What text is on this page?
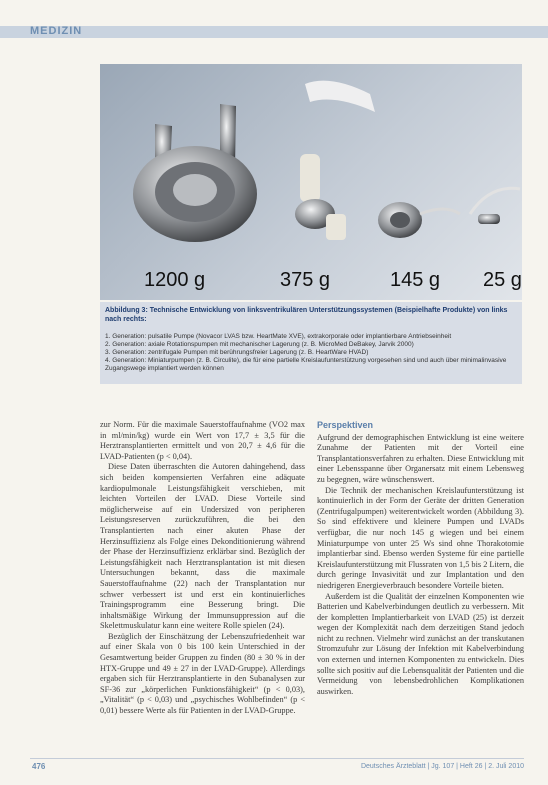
MEDIZIN
1200 g	375 g	145 g 25 g
Abbildung 3: Technische Entwicklung von linksventrikulären Unterstützungssystemen (Beispielhafte Produkte) von links nach rechts:
1. Generation: pulsatile Pumpe (Novacor LVAS bzw. HeartMate XVE), extrakorporale oder implantierbare Antriebseinheit
2. Generation: axiale Rotationspumpen mit mechanischer Lagerung (z. B. MicroMed DeBakey, Jarvik 2000)
3. Generation: zentrifugale Pumpen mit berührungsfreier Lagerung (z. B. HeartWare HVAD)
4. Generation: Miniaturpumpen (z. B. Circulite), die für eine partielle Kreislaufunterstützung vorgesehen sind und auch über minimalinvasive Zugangswege implantiert werden können

zur Norm. Für die maximale Sauerstoffaufnahme (VO2 max in ml/min/kg) wurde ein Wert von 17,7 ± 3,5 für die Herztransplantierten ermittelt und von 20,7 ± 4,6 für die LVAD-Patienten (p < 0,04).

Diese Daten überraschten die Autoren dahingehend, dass sich beiden kompensierten Verfahren eine adäquate kardiopulmonale Leistungsfähigkeit verschieben, mit leichten Vorteilen der LVAD. Diese Vorteile sind möglicherweise auf ein Undersized von peripheren Leistungsreserven zurückzuführen, die bei den Transplantierten nach einer akuten Phase der Herzinsuffizienz als Folge eines Dekonditionierung während der Phase der Herzinsuffizienz erklärbar sind. Bezüglich der Leistungsfähigkeit nach Herztransplantation ist mit diesen Untersuchungen bekannt, dass die maximale Sauerstoffaufnahme (22) nach der Transplantation nur schwer verbessert ist und erst ein kontinuierliches Trainingsprogramm eine Besserung bringt. Die inhaltsmäßige Wirkung der Immunsuppression auf die Skelettmuskulatur kann eine weitere Rolle spielen (24).

Bezüglich der Einschätzung der Lebenszufriedenheit war auf einer Skala von 0 bis 100 kein Unterschied in der Gesamtwertung beider Gruppen zu finden (80 ± 30 % in der HTX-Gruppe und 49 ± 27 in der LVAD-Gruppe). Allerdings ergaben sich für Herztransplantierte in den Subanalysen zur SF-36 zur „körperlichen Funktionsfähigkeit“ (p < 0,03), „Vitalität“ (p < 0,03) und „psychisches Wohlbefinden“ (p < 0,01) bessere Werte als für Patienten in der LVAD-Gruppe.

Perspektiven

Aufgrund der demographischen Entwicklung ist eine weitere Zunahme der Patienten mit der Vorteil eine Transplantationsverfahren zu erhalten. Diese Entwicklung mit einer Lebensspanne über Organersatz mit einem Lebensweg zu begegnen, wäre wünschenswert.

Die Technik der mechanischen Kreislaufunterstützung ist kontinuierlich in der Form der Geräte der dritten Generation (Zentrifugalpumpen) weiterentwickelt worden (Abbildung 3). So sind effektivere und kleinere Pumpen und LVADs verfügbar, die nur noch 145 g wiegen und bei einem Miniaturpumpe von unter 25 Ws sind ohne Thorakotomie implantierbar sind. Ebenso werden Systeme für eine partielle Kreislaufunterstützung mit Flussraten von 1,5 bis 2 Litern, die durch geringe Invasivität und zur Implantation und den niedrigeren Energieverbrauch besondere Vorteile bieten.

Außerdem ist die Qualität der einzelnen Komponenten wie Batterien und Kabelverbindungen deutlich zu verbessern. Mit der kompletten Implantierbarkeit von LVAD (25) ist derzeit wegen der Komplexität nach dem derzeitigen Stand jedoch nicht zu rechnen. Vielmehr wird zunächst an der transkutanen Stromzufuhr zur Lösung der Infektion mit Kabelverbindung von externen und internen Komponenten zu entwickeln. Dies sollte sich positiv auf die Lebensqualität der Patienten und die Vermeidung von lebensbedrohlichen Komplikationen auswirken.

476	Deutsches Ärzteblatt | Jg. 107 | Heft 26 | 2. Juli 2010
